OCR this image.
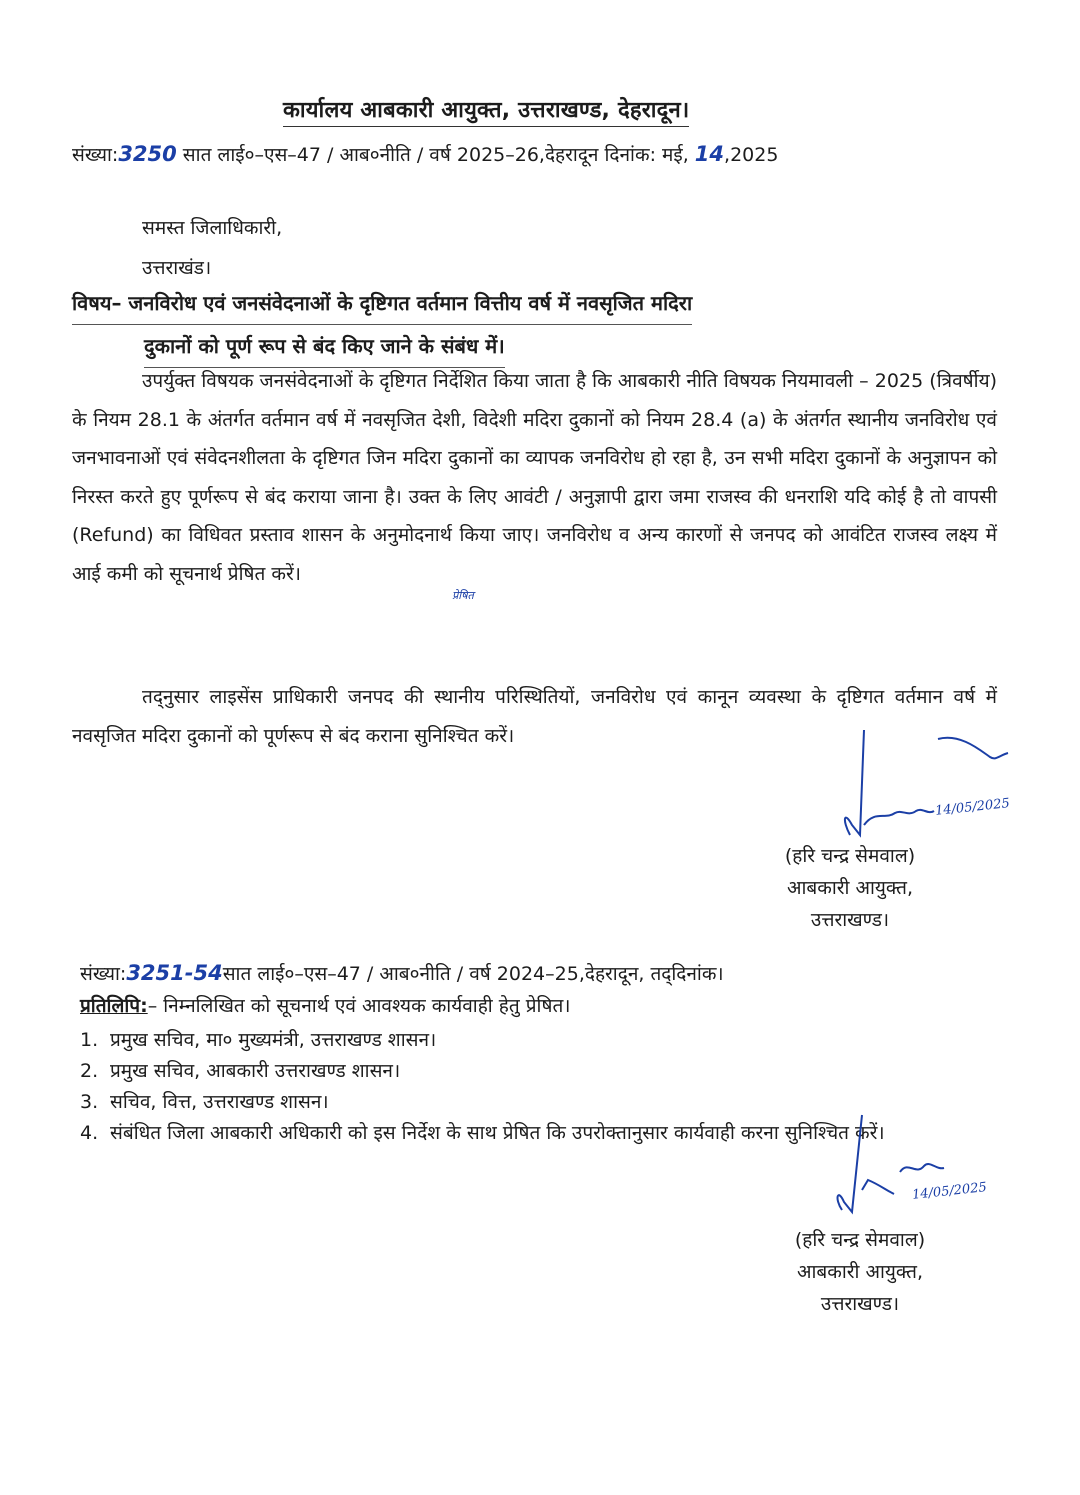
कार्यालय आबकारी आयुक्त, उत्तराखण्ड, देहरादून।
संख्या:3250 सात लाई०–एस–47 / आब०नीति / वर्ष 2025–26,देहरादून दिनांक: मई, 14,2025
समस्त जिलाधिकारी,
उत्तराखंड।
विषय– जनविरोध एवं जनसंवेदनाओं के दृष्टिगत वर्तमान वित्तीय वर्ष में नवसृजित मदिरा
दुकानों को पूर्ण रूप से बंद किए जाने के संबंध में।
उपर्युक्त विषयक जनसंवेदनाओं के दृष्टिगत निर्देशित किया जाता है कि आबकारी नीति विषयक नियमावली – 2025 (त्रिवर्षीय) के नियम 28.1 के अंतर्गत वर्तमान वर्ष में नवसृजित देशी, विदेशी मदिरा दुकानों को नियम 28.4 (a) के अंतर्गत स्थानीय जनविरोध एवं जनभावनाओं एवं संवेदनशीलता के दृष्टिगत जिन मदिरा दुकानों का व्यापक जनविरोध हो रहा है, उन सभी मदिरा दुकानों के अनुज्ञापन को निरस्त करते हुए पूर्णरूप से बंद कराया जाना है। उक्त के लिए आवंटी / अनुज्ञापी द्वारा जमा राजस्व की धनराशि यदि कोई है तो वापसी (Refund) का विधिवत प्रस्ताव शासन के अनुमोदनार्थ किया जाए। जनविरोध व अन्य कारणों से जनपद को आवंटित राजस्व लक्ष्य में आई कमी को सूचनार्थ प्रेषित करें।
प्रेषित
तद्‌नुसार लाइसेंस प्राधिकारी जनपद की स्थानीय परिस्थितियों, जनविरोध एवं कानून व्यवस्था के दृष्टिगत वर्तमान वर्ष में नवसृजित मदिरा दुकानों को पूर्णरूप से बंद कराना सुनिश्चित करें।
14/05/2025
(हरि चन्द्र सेमवाल)
आबकारी आयुक्त,
उत्तराखण्ड।
संख्या:3251-54सात लाई०–एस–47 / आब०नीति / वर्ष 2024–25,देहरादून, तद्‌दिनांक।
प्रतिलिपि:– निम्नलिखित को सूचनार्थ एवं आवश्यक कार्यवाही हेतु प्रेषित।
1. प्रमुख सचिव, मा० मुख्यमंत्री, उत्तराखण्ड शासन।
2. प्रमुख सचिव, आबकारी उत्तराखण्ड शासन।
3. सचिव, वित्त, उत्तराखण्ड शासन।
4. संबंधित जिला आबकारी अधिकारी को इस निर्देश के साथ प्रेषित कि उपरोक्तानुसार कार्यवाही करना सुनिश्चित करें।
14/05/2025
(हरि चन्द्र सेमवाल)
आबकारी आयुक्त,
उत्तराखण्ड।
